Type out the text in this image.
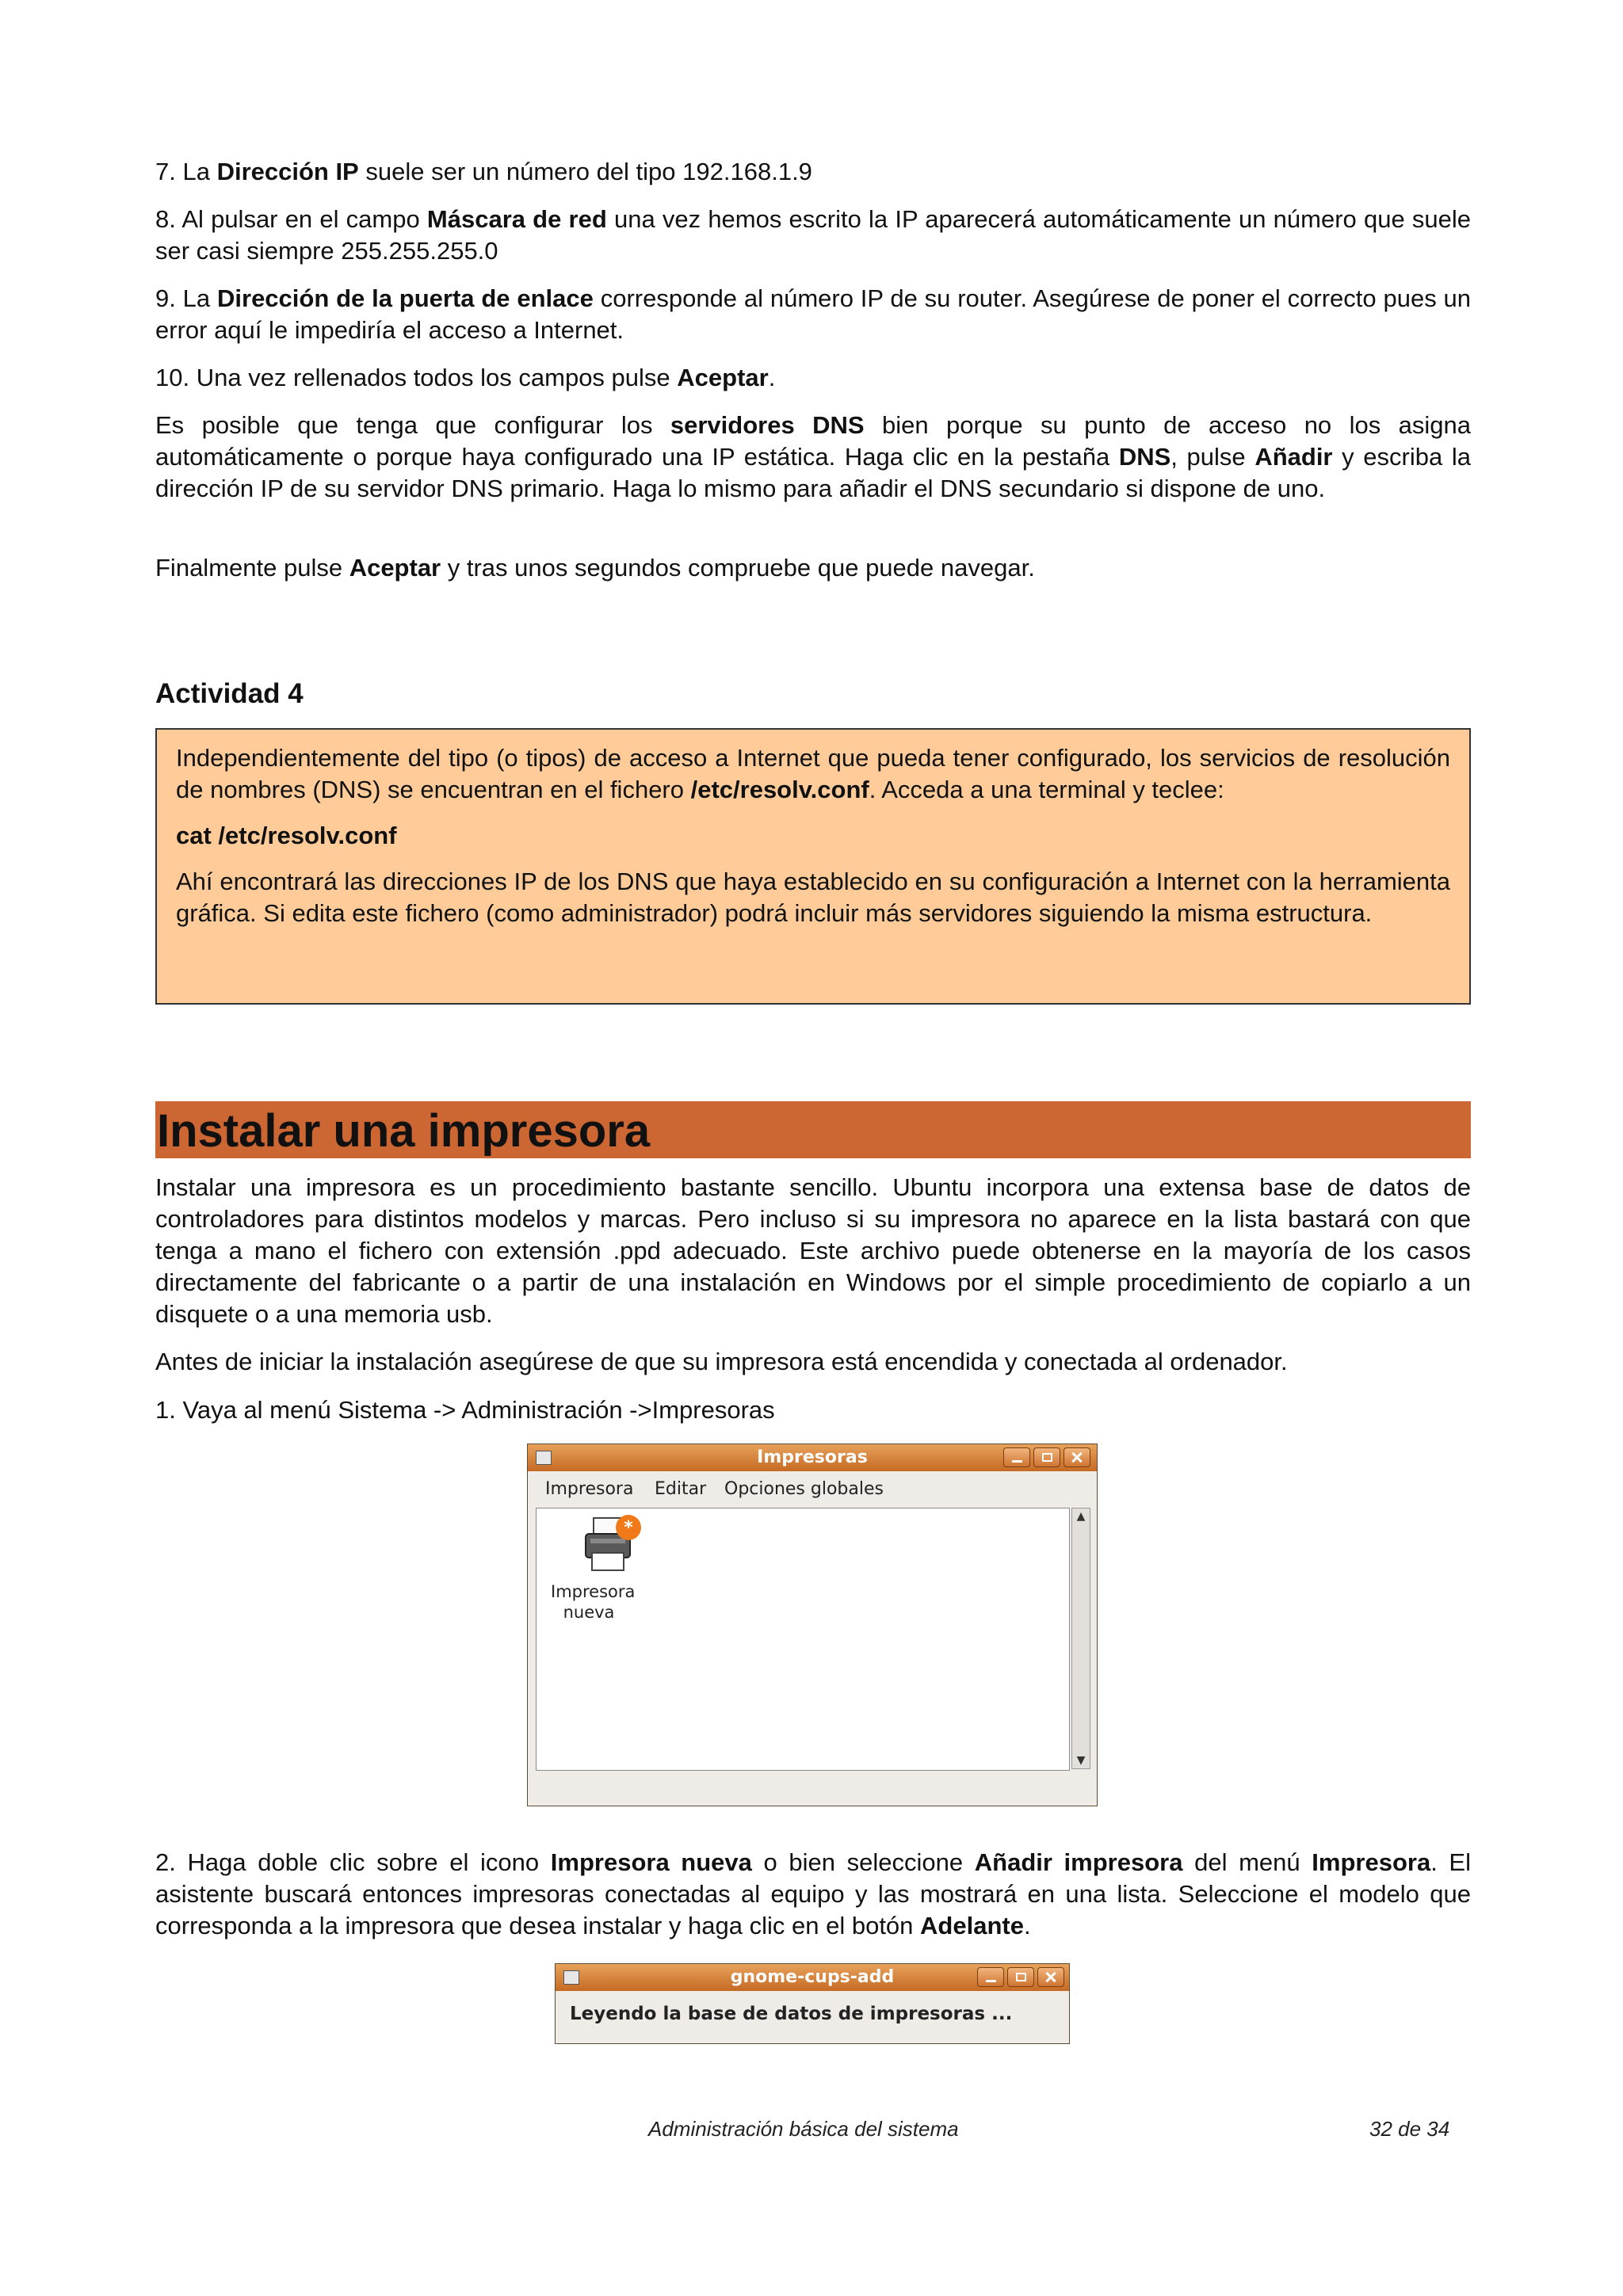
7. La Dirección IP suele ser un número del tipo 192.168.1.9

8. Al pulsar en el campo Máscara de red una vez hemos escrito la IP aparecerá automáticamente un número que suele ser casi siempre 255.255.255.0

9. La Dirección de la puerta de enlace corresponde al número IP de su router. Asegúrese de poner el correcto pues un error aquí le impediría el acceso a Internet.

10. Una vez rellenados todos los campos pulse Aceptar.

Es posible que tenga que configurar los servidores DNS bien porque su punto de acceso no los asigna automáticamente o porque haya configurado una IP estática. Haga clic en la pestaña DNS, pulse Añadir y escriba la dirección IP de su servidor DNS primario. Haga lo mismo para añadir el DNS secundario si dispone de uno.

Finalmente pulse Aceptar y tras unos segundos compruebe que puede navegar.

Actividad 4

Independientemente del tipo (o tipos) de acceso a Internet que pueda tener configurado, los servicios de resolución de nombres (DNS) se encuentran en el fichero /etc/resolv.conf. Acceda a una terminal y teclee:

cat /etc/resolv.conf

Ahí encontrará las direcciones IP de los DNS que haya establecido en su configuración a Internet con la herramienta gráfica. Si edita este fichero (como administrador) podrá incluir más servidores siguiendo la misma estructura.

Instalar una impresora

Instalar una impresora es un procedimiento bastante sencillo. Ubuntu incorpora una extensa base de datos de controladores para distintos modelos y marcas. Pero incluso si su impresora no aparece en la lista bastará con que tenga a mano el fichero con extensión .ppd adecuado. Este archivo puede obtenerse en la mayoría de los casos directamente del fabricante o a partir de una instalación en Windows por el simple procedimiento de copiarlo a un disquete o a una memoria usb.

Antes de iniciar la instalación asegúrese de que su impresora está encendida y conectada al ordenador.

1. Vaya al menú Sistema -> Administración ->Impresoras

Impresoras
Impresora Editar Opciones globales
*
Impresora
nueva
▲
▼

2. Haga doble clic sobre el icono Impresora nueva o bien seleccione Añadir impresora del menú Impresora. El asistente buscará entonces impresoras conectadas al equipo y las mostrará en una lista. Seleccione el modelo que corresponda a la impresora que desea instalar y haga clic en el botón Adelante.

gnome-cups-add
Leyendo la base de datos de impresoras ...
Administración básica del sistema	32 de 34
